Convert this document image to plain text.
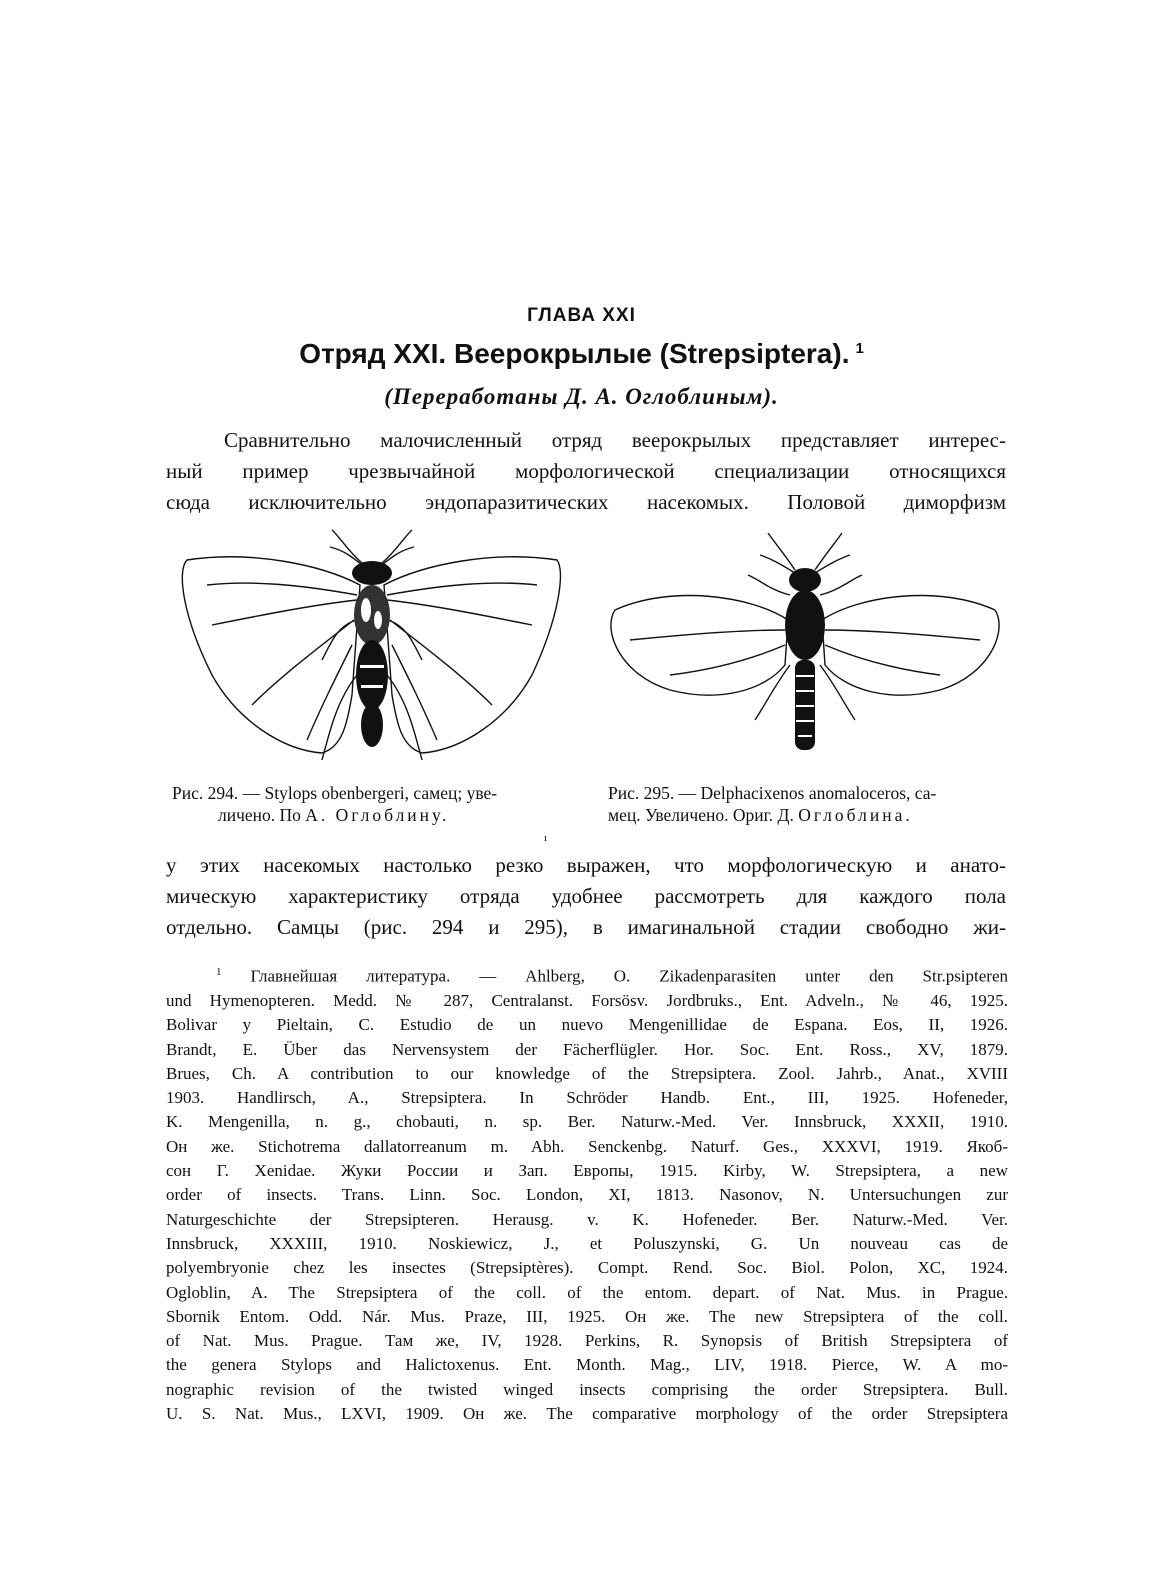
ГЛАВА XXI
Отряд XXI. Веерокрылые (Strepsiptera). $^1$
(Переработаны Д. А. Оглоблиным).
Сравнительно малочисленный отряд веерокрылых представляет интерес-
ный пример чрезвычайной морфологической специализации относящихся
сюда исключительно эндопаразитических насекомых. Половой диморфизм
Рис. 294. — Stylops obenbergeri, самец; уве-
личено. По А. Оглоблину.
Рис. 295. — Delphacixenos anomaloceros, са-
мец. Увеличено. Ориг. Д. Оглоблина.
ı
у этих насекомых настолько резко выражен, что морфологическую и анато-
мическую характеристику отряда удобнее рассмотреть для каждого пола
отдельно. Самцы (рис. 294 и 295), в имагинальной стадии свободно жи-
$^1$ Главнейшая литература. — Ahlberg, O. Zikadenparasiten unter den Str.psipteren
und Hymenopteren. Medd. № 287, Centralanst. Forsösv. Jordbruks., Ent. Adveln., № 46, 1925.
Bolivar y Pieltain, C. Estudio de un nuevo Mengenillidae de Espana. Eos, II, 1926.
Brandt, E. Über das Nervensystem der Fächerflügler. Hor. Soc. Ent. Ross., XV, 1879.
Brues, Ch. A contribution to our knowledge of the Strepsiptera. Zool. Jahrb., Anat., XVIII
1903. Handlirsch, A., Strepsiptera. In Schröder Handb. Ent., III, 1925. Hofeneder,
K. Mengenilla, n. g., chobauti, n. sp. Ber. Naturw.-Med. Ver. Innsbruck, XXXII, 1910.
Он же. Stichotrema dallatorreanum m. Abh. Senckenbg. Naturf. Ges., XXXVI, 1919. Якоб-
сон Г. Xenidae. Жуки России и Зап. Европы, 1915. Kirby, W. Strepsiptera, a new
order of insects. Trans. Linn. Soc. London, XI, 1813. Nasonov, N. Untersuchungen zur
Naturgeschichte der Strepsipteren. Herausg. v. K. Hofeneder. Ber. Naturw.-Med. Ver.
Innsbruck, XXXIII, 1910. Noskiewicz, J., et Poluszynski, G. Un nouveau cas de
polyembryonie chez les insectes (Strepsiptères). Compt. Rend. Soc. Biol. Polon, XC, 1924.
Ogloblin, A. The Strepsiptera of the coll. of the entom. depart. of Nat. Mus. in Prague.
Sbornik Entom. Odd. Nár. Mus. Praze, III, 1925. Он же. The new Strepsiptera of the coll.
of Nat. Mus. Prague. Там же, IV, 1928. Perkins, R. Synopsis of British Strepsiptera of
the genera Stylops and Halictoxenus. Ent. Month. Mag., LIV, 1918. Pierce, W. A mo-
nographic revision of the twisted winged insects comprising the order Strepsiptera. Bull.
U. S. Nat. Mus., LXVI, 1909. Он же. The comparative morphology of the order Strepsiptera
